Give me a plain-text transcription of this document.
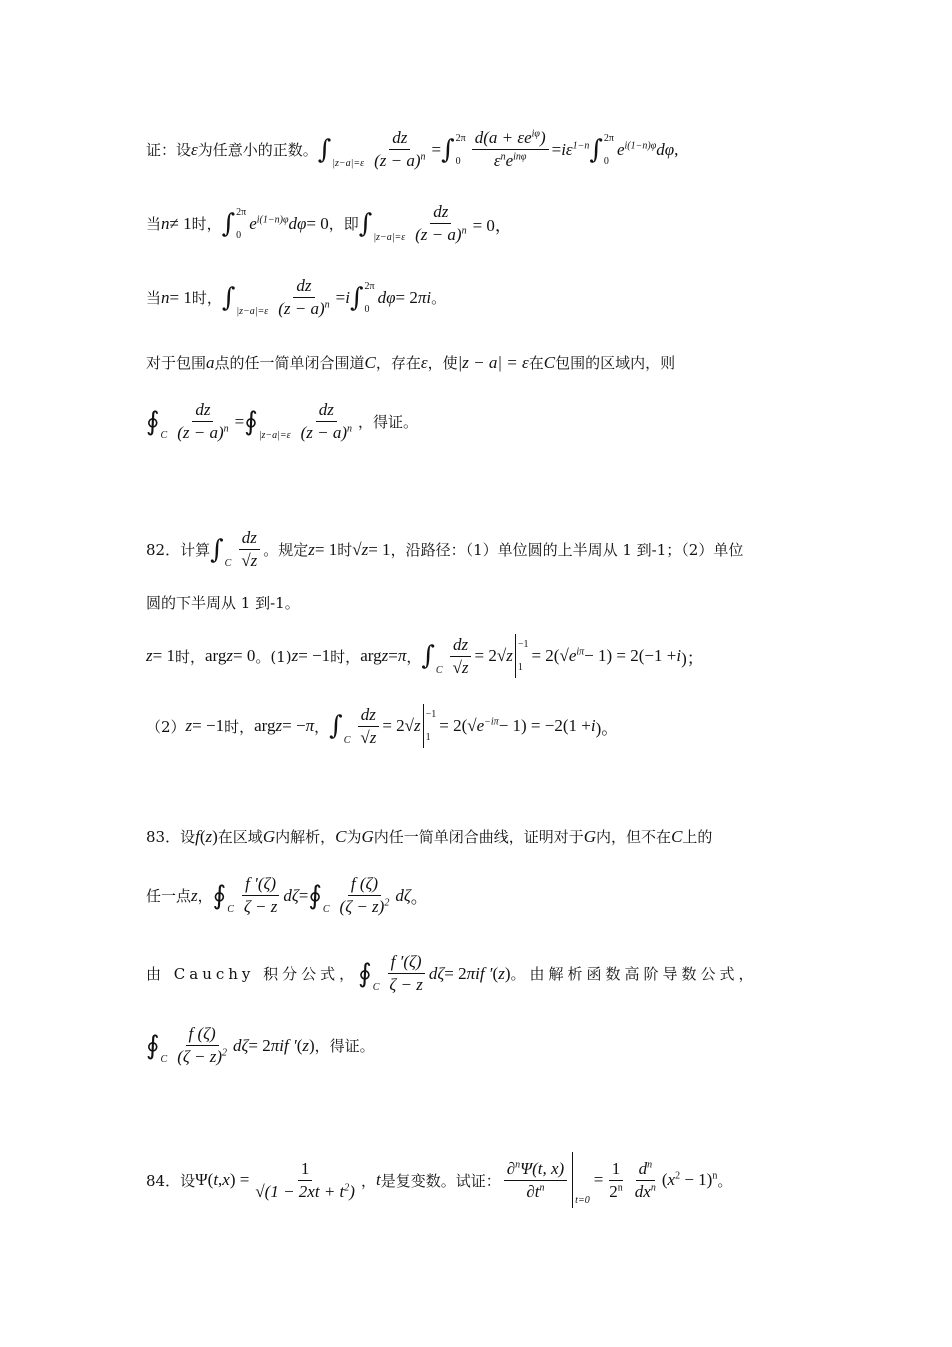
证：设 ε 为任意小的正数。 ∫ $|z-a|=\varepsilon \frac{dz}{(z - a)^n}$ = ∫ 2π
$0 \frac{d(a + \varepsilon e^{i\varphi})}{\varepsilon^ne^{in\varphi}} = i\varepsilon^{1-n}$ ∫ 2π
0
$e^{i(1-n)\varphi}d\varphi$ ,
当 n ≠ 1 时， ∫ 2π
0
$e^{i(1-n)\varphi}d\varphi = 0$ ，即 ∫ $|z-a|=\varepsilon \frac{dz}{(z - a)^n} = 0$，
当 n = 1 时， ∫ $|z-a|=\varepsilon \frac{dz}{(z - a)^n} = i$ ∫ 2π
0
dφ = 2 πi 。
对于包围 a 点的任一简单闭合围道 C ，存在 ε ，使 |z − a| = ε 在 C 包围的区域内，则
∮ C $\frac{dz}{(z - a)^n}$ = ∮ $|z-a|=\varepsilon \frac{dz}{(z - a)^n}$ ，得证。
82．计算 ∫ C $\frac{dz}{√z}$ 。规定 z = 1 时 √z = 1 ，沿路径：（1）单位圆的上半周从 1 到-1；（2）单位
圆的下半周从 1 到-1。
z = 1 时， arg z = 0 。(1) z = −1 时， arg z = π ， ∫ C $\frac{dz}{√z} = 2$ √z
−1
1
= 2(√ $e^{i\pi} - 1) = 2(-1 + i$ )；
（2） z = −1 时， arg z = − π ， ∫ C $\frac{dz}{√z} = 2$ √z
−1
1
= 2(√ $e^{-i\pi} - 1) = -2(1 + i$ )。
83．设 f ( z ) 在区域 G 内解析， C 为 G 内任一简单闭合曲线，证明对于 G 内，但不在 C 上的
任一点 z ， ∮ C $\frac{f '(\zeta)}{\zeta - z}$ dζ = ∮ C $\frac{f (\zeta)}{(\zeta - z)^2}$ dζ 。
由 Cauchy 积分公式， ∮ C $\frac{f '(\zeta)}{\zeta - z}$ dζ = 2 πif ′ ( z ) 。由解析函数高阶导数公式，
∮ C $\frac{f (\zeta)}{(\zeta - z)^2}$ dζ = 2 πif ′ ( z ) ，得证。
84．设 Ψ( t , x ) = $\frac{1}{√(1 - 2xt + t^2)}$ ， t 是复变数。试证： $\frac{\partial^n\Psi(t, x)}{\partial t^n} t=0$
= $\frac{1}{2^n} \frac{d^n}{dx^n}$ ( x $^2$ − 1)$^n$ 。
